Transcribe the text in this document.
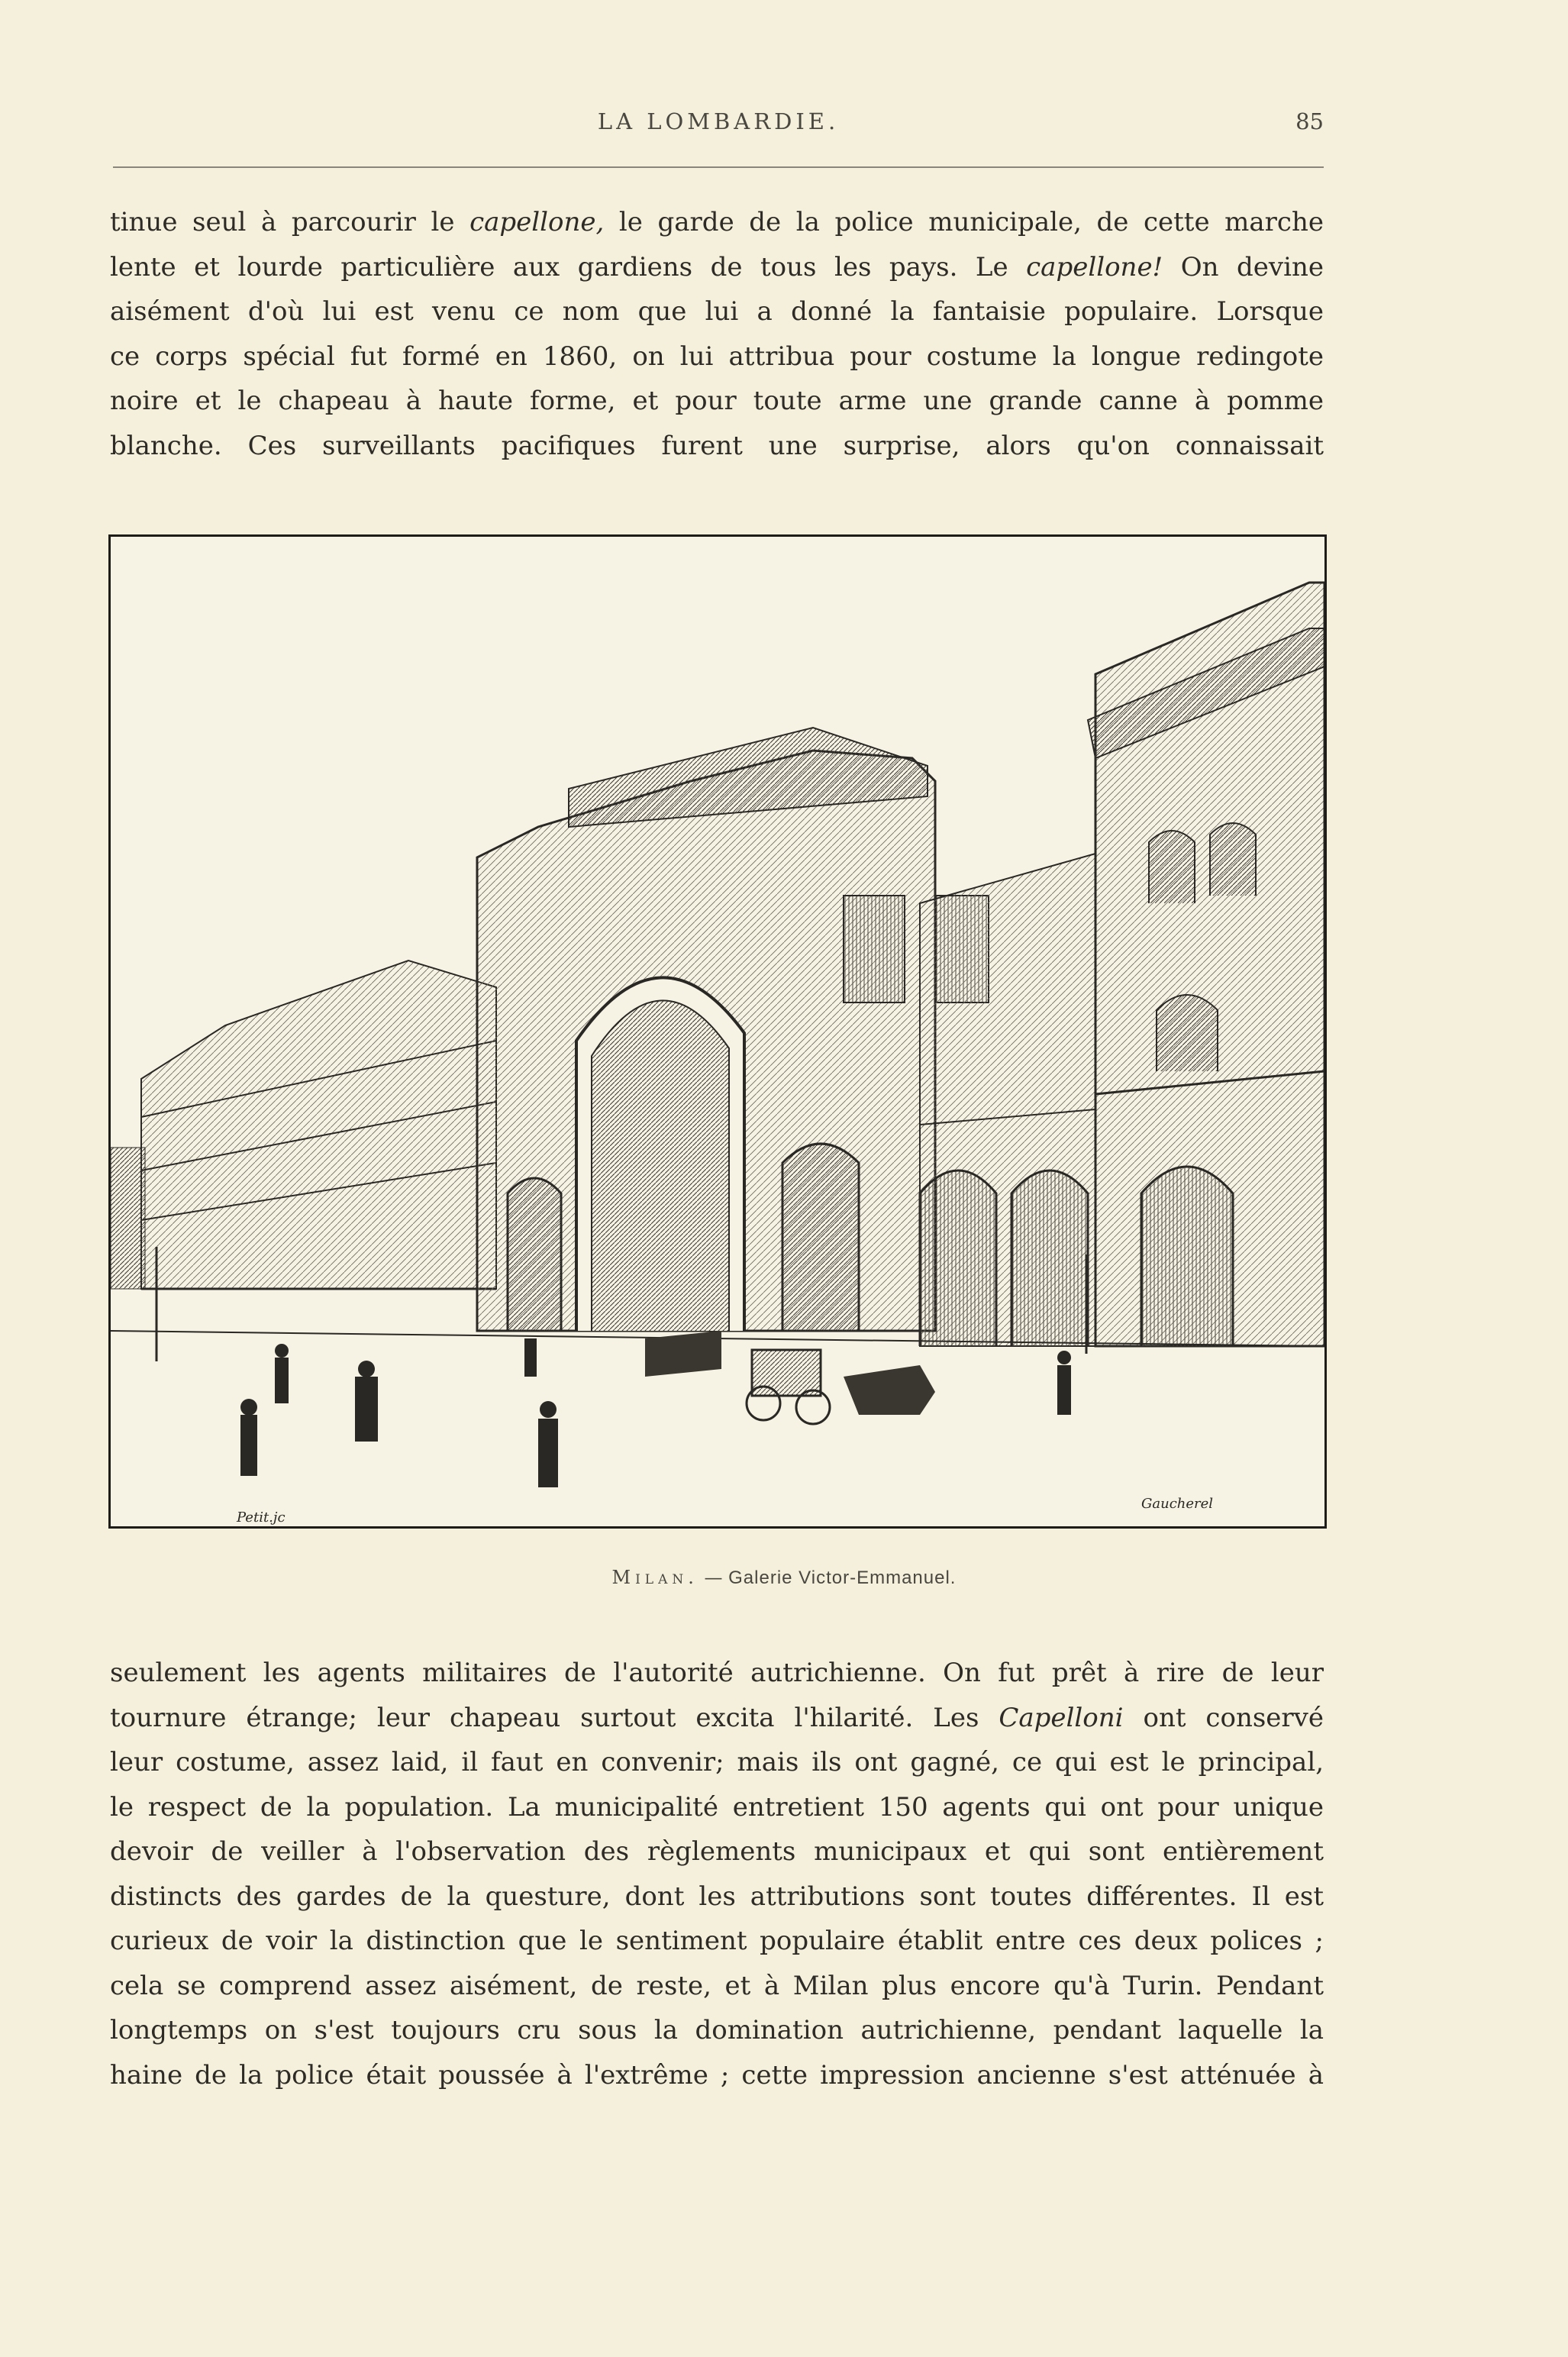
LA LOMBARDIE.	85
tinue seul à parcourir le capellone, le garde de la police municipale, de cette marche
lente et lourde particulière aux gardiens de tous les pays. Le capellone! On devine
aisément d'où lui est venu ce nom que lui a donné la fantaisie populaire. Lorsque
ce corps spécial fut formé en 1860, on lui attribua pour costume la longue redingote
noire et le chapeau à haute forme, et pour toute arme une grande canne à pomme
blanche. Ces surveillants pacifiques furent une surprise, alors qu'on connaissait
Petit.jc
Gaucherel
Milan. — Galerie Victor-Emmanuel.
seulement les agents militaires de l'autorité autrichienne. On fut prêt à rire de leur
tournure étrange; leur chapeau surtout excita l'hilarité. Les Capelloni ont conservé
leur costume, assez laid, il faut en convenir; mais ils ont gagné, ce qui est le principal,
le respect de la population. La municipalité entretient 150 agents qui ont pour unique
devoir de veiller à l'observation des règlements municipaux et qui sont entièrement
distincts des gardes de la questure, dont les attributions sont toutes différentes. Il est
curieux de voir la distinction que le sentiment populaire établit entre ces deux polices ;
cela se comprend assez aisément, de reste, et à Milan plus encore qu'à Turin. Pendant
longtemps on s'est toujours cru sous la domination autrichienne, pendant laquelle la
haine de la police était poussée à l'extrême ; cette impression ancienne s'est atténuée à
